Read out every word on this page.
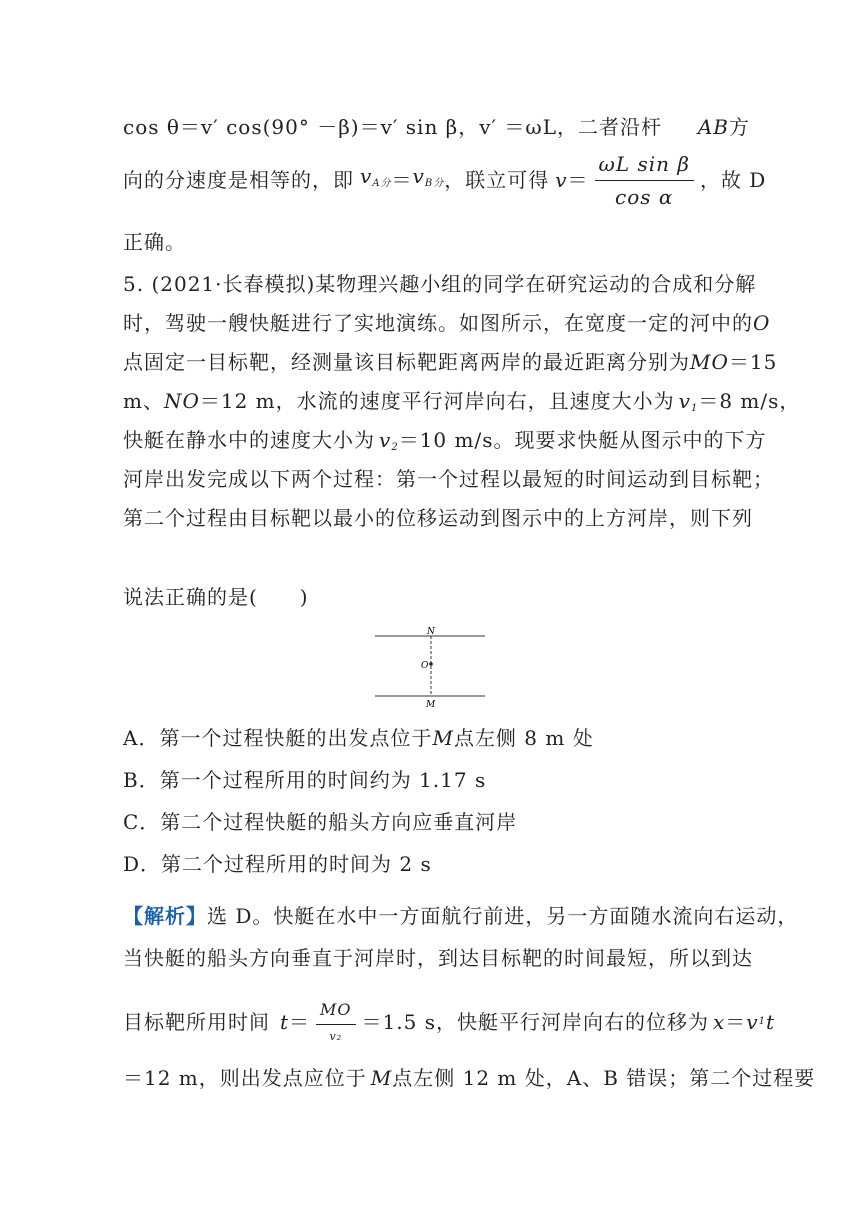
cos θ＝v′ cos(90° －β)＝v′ sin β，v′ ＝ωL，二者沿杆 AB方
向的分速度是相等的，即 $v_{A分} = v_{B分}$ ，联立可得 $v = \frac{\text{ωL sin β}}{\text{cos α}}$ ，故 D
正确。
5. (2021·长春模拟)某物理兴趣小组的同学在研究运动的合成和分解
时，驾驶一艘快艇进行了实地演练。如图所示，在宽度一定的河中的 O
点固定一目标靶，经测量该目标靶距离两岸的最近距离分别为 MO＝15
m、NO＝12 m，水流的速度平行河岸向右，且速度大小为 $v_1 =8$ m/s，
快艇在静水中的速度大小为 $v_2=10$ m/s。现要求快艇从图示中的下方
河岸出发完成以下两个过程：第一个过程以最短的时间运动到目标靶；
第二个过程由目标靶以最小的位移运动到图示中的上方河岸，则下列
说法正确的是(　　)
N
O
M
A．第一个过程快艇的出发点位于M点左侧 8 m 处
B．第一个过程所用的时间约为 1.17 s
C．第二个过程快艇的船头方向应垂直河岸
D．第二个过程所用的时间为 2 s
【解析】选 D。快艇在水中一方面航行前进，另一方面随水流向右运动，
当快艇的船头方向垂直于河岸时，到达目标靶的时间最短，所以到达
目标靶所用时间 $t = \frac{MO}{\text{v₂}} =1.5$ s，快艇平行河岸向右的位移为 x ＝ v 1 t
＝12 m，则出发点应位于 M点左侧 12 m 处，A、B 错误；第二个过程要
